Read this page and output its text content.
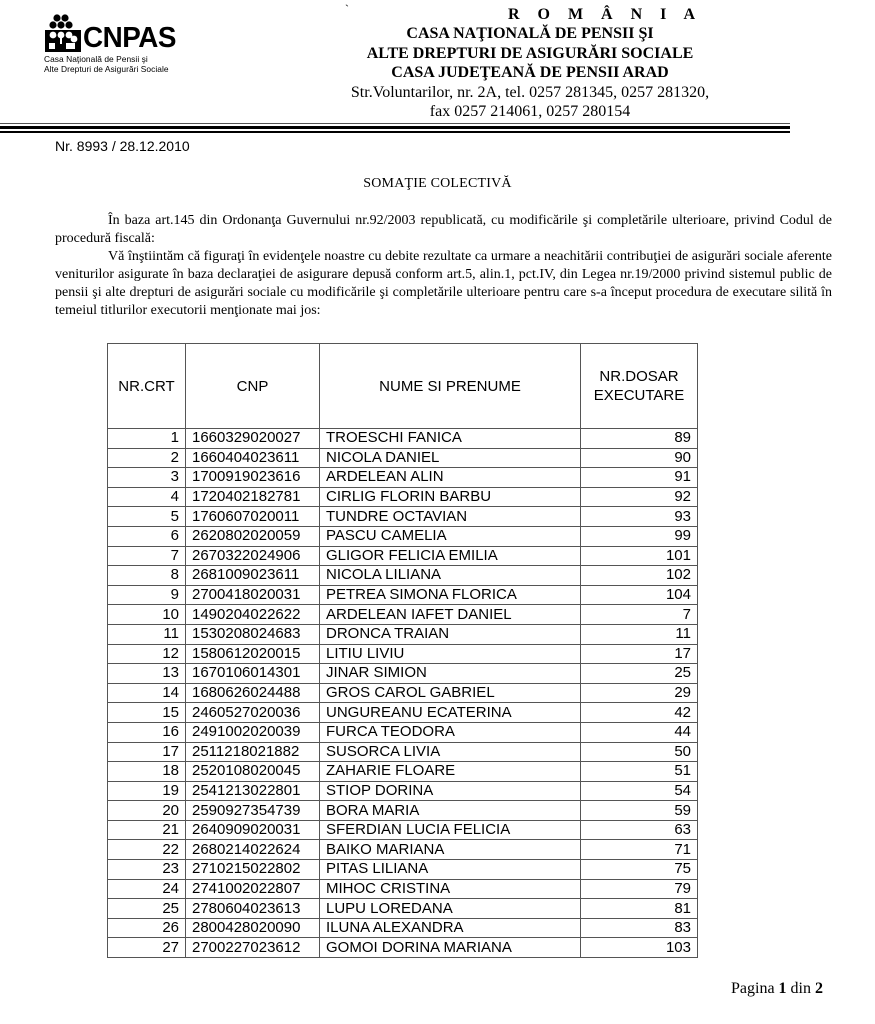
CNPAS
Casa Naţională de Pensii şi
Alte Drepturi de Asigurări Sociale
`	R O M Â N I A
CASA NAŢIONALĂ DE PENSII ŞI
ALTE DREPTURI DE ASIGURĂRI SOCIALE
CASA JUDEŢEANĂ DE PENSII ARAD
Str.Voluntarilor, nr. 2A, tel. 0257 281345, 0257 281320,
fax 0257 214061, 0257 280154
Nr. 8993 / 28.12.2010
SOMAŢIE COLECTIVĂ

În baza art.145 din Ordonanţa Guvernului nr.92/2003 republicată, cu modificările şi completările ulterioare, privind Codul de procedură fiscală:

Vă înştiintăm că figuraţi în evidenţele noastre cu debite rezultate ca urmare a neachitării contribuţiei de asigurări sociale aferente veniturilor asigurate în baza declaraţiei de asigurare depusă conform art.5, alin.1, pct.IV, din Legea nr.19/2000 privind sistemul public de pensii şi alte drepturi de asigurări sociale cu modificările şi completările ulterioare pentru care s-a început procedura de executare silită în temeiul titlurilor executorii menţionate mai jos:

NR.CRT	CNP	NUME SI PRENUME	NR.DOSAR
EXECUTARE
1	1660329020027	TROESCHI FANICA	89
2	1660404023611	NICOLA DANIEL	90
3	1700919023616	ARDELEAN ALIN	91
4	1720402182781	CIRLIG FLORIN BARBU	92
5	1760607020011	TUNDRE OCTAVIAN	93
6	2620802020059	PASCU CAMELIA	99
7	2670322024906	GLIGOR FELICIA EMILIA	101
8	2681009023611	NICOLA LILIANA	102
9	2700418020031	PETREA SIMONA FLORICA	104
10	1490204022622	ARDELEAN IAFET DANIEL	7
11	1530208024683	DRONCA TRAIAN	11
12	1580612020015	LITIU LIVIU	17
13	1670106014301	JINAR SIMION	25
14	1680626024488	GROS CAROL GABRIEL	29
15	2460527020036	UNGUREANU ECATERINA	42
16	2491002020039	FURCA TEODORA	44
17	2511218021882	SUSORCA LIVIA	50
18	2520108020045	ZAHARIE FLOARE	51
19	2541213022801	STIOP DORINA	54
20	2590927354739	BORA MARIA	59
21	2640909020031	SFERDIAN LUCIA FELICIA	63
22	2680214022624	BAIKO MARIANA	71
23	2710215022802	PITAS LILIANA	75
24	2741002022807	MIHOC CRISTINA	79
25	2780604023613	LUPU LOREDANA	81
26	2800428020090	ILUNA ALEXANDRA	83
27	2700227023612	GOMOI DORINA MARIANA	103
Pagina 1 din 2
